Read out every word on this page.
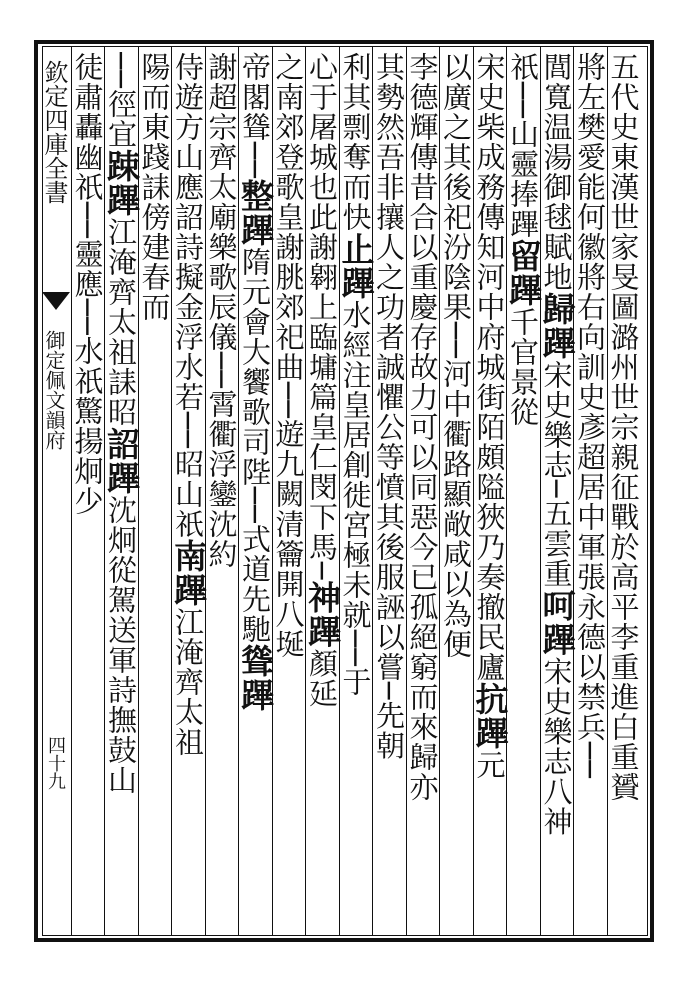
欽定四庫全書
御定佩文韻府
四十九	五代史東漢世家旻圖潞州世宗親征戰於高平李重進白重贇
將左樊愛能何徽將右向訓史彥超居中軍張永德以禁兵──
閭寬温湯御毬賦地歸蹕宋史樂志─五雲重呵蹕宋史樂志八神
祇──山靈捧蹕留蹕千官景從
宋史柴成務傳知河中府城街陌頗隘狹乃奏撤民廬抗蹕元
以廣之其後祀汾陰果──河中衢路顯敞咸以為便
李德輝傳昔合以重慶存故力可以同惡今已孤絕窮而來歸亦
其勢然吾非攘人之功者誠懼公等憤其後服誣以嘗─先朝
利其剽奪而快止蹕水經注皇居創徙宮極未就──于
心于屠城也此謝翱上臨墉篇皇仁閔下馬─神蹕顏延
之南郊登歌皇謝朓郊祀曲──遊九闕清籥開八埏
帝閣聳──整蹕隋元會大饗歌司陛──式道先馳聳蹕
謝超宗齊太廟樂歌辰儀──霄衢浮鑾沈約
侍遊方山應詔詩擬金浮水若──昭山祇南蹕江淹齊太祖
陽而東踐誄傍建春而
──徑宜踈蹕江淹齊太祖誄昭詔蹕沈炯從駕送軍詩撫鼓山
徒肅轟幽祇──靈應──水祇驚揚炯少
